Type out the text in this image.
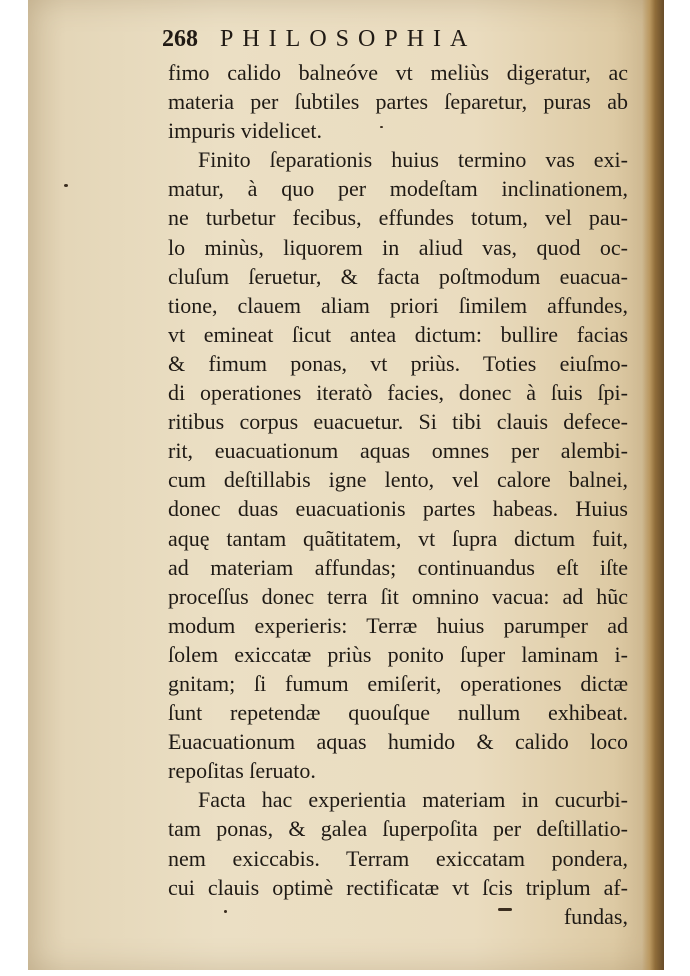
268 PHILOSOPHIA
fimo calido balneóve vt meliùs digeratur, ac
materia per ſubtiles partes ſeparetur, puras ab
impuris videlicet.
Finito ſeparationis huius termino vas exi-
matur, à quo per modeſtam inclinationem,
ne turbetur fecibus, effundes totum, vel pau-
lo minùs, liquorem in aliud vas, quod oc-
cluſum ſeruetur, & facta poſtmodum euacua-
tione, clauem aliam priori ſimilem affundes,
vt emineat ſicut antea dictum: bullire facias
& fimum ponas, vt priùs. Toties eiuſmo-
di operationes iteratò facies, donec à ſuis ſpi-
ritibus corpus euacuetur. Si tibi clauis defece-
rit, euacuationum aquas omnes per alembi-
cum deſtillabis igne lento, vel calore balnei,
donec duas euacuationis partes habeas. Huius
aquę tantam quãtitatem, vt ſupra dictum fuit,
ad materiam affundas; continuandus eſt iſte
proceſſus donec terra ſit omnino vacua: ad hũc
modum experieris: Terræ huius parumper ad
ſolem exiccatæ priùs ponito ſuper laminam i-
gnitam; ſi fumum emiſerit, operationes dictæ
ſunt repetendæ quouſque nullum exhibeat.
Euacuationum aquas humido & calido loco
repoſitas ſeruato.
Facta hac experientia materiam in cucurbi-
tam ponas, & galea ſuperpoſita per deſtillatio-
nem exiccabis. Terram exiccatam pondera,
cui clauis optimè rectificatæ vt ſcis triplum af-
fundas,
